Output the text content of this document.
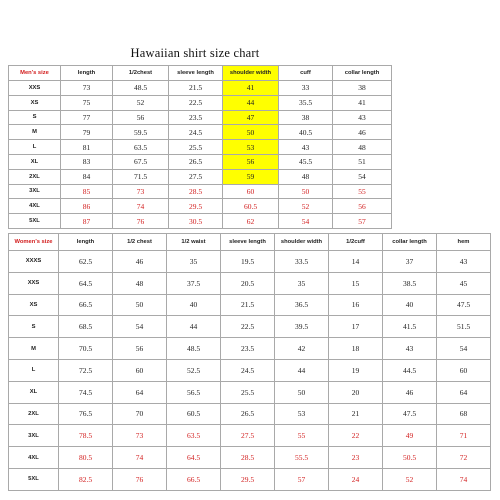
Hawaiian shirt size chart
Men's size	length	1/2chest	sleeve length	shoulder width	cuff	collar length
XXS	73	48.5	21.5	41	33	38
XS	75	52	22.5	44	35.5	41
S	77	56	23.5	47	38	43
M	79	59.5	24.5	50	40.5	46
L	81	63.5	25.5	53	43	48
XL	83	67.5	26.5	56	45.5	51
2XL	84	71.5	27.5	59	48	54
3XL	85	73	28.5	60	50	55
4XL	86	74	29.5	60.5	52	56
5XL	87	76	30.5	62	54	57
Women's size	length	1/2 chest	1/2 waist	sleeve length	shoulder width	1/2cuff	collar length	hem
XXXS	62.5	46	35	19.5	33.5	14	37	43
XXS	64.5	48	37.5	20.5	35	15	38.5	45
XS	66.5	50	40	21.5	36.5	16	40	47.5
S	68.5	54	44	22.5	39.5	17	41.5	51.5
M	70.5	56	48.5	23.5	42	18	43	54
L	72.5	60	52.5	24.5	44	19	44.5	60
XL	74.5	64	56.5	25.5	50	20	46	64
2XL	76.5	70	60.5	26.5	53	21	47.5	68
3XL	78.5	73	63.5	27.5	55	22	49	71
4XL	80.5	74	64.5	28.5	55.5	23	50.5	72
5XL	82.5	76	66.5	29.5	57	24	52	74
